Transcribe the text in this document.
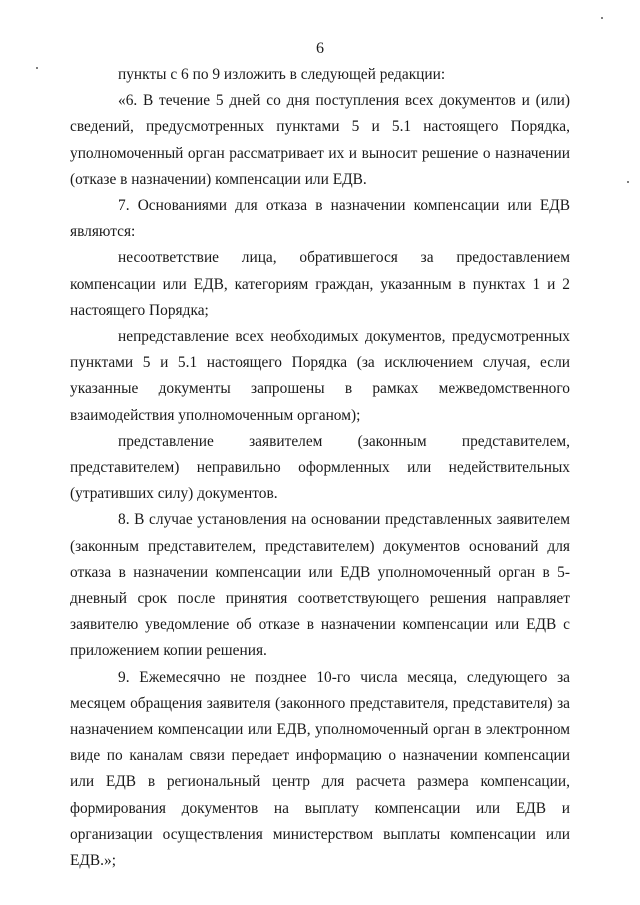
6

пункты с 6 по 9 изложить в следующей редакции:

«6. В течение 5 дней со дня поступления всех документов и (или) сведений, предусмотренных пунктами 5 и 5.1 настоящего Порядка, уполномоченный орган рассматривает их и выносит решение о назначении (отказе в назначении) компенсации или ЕДВ.

7. Основаниями для отказа в назначении компенсации или ЕДВ являются:

несоответствие лица, обратившегося за предоставлением компенсации или ЕДВ, категориям граждан, указанным в пунктах 1 и 2 настоящего Порядка;

непредставление всех необходимых документов, предусмотренных пунктами 5 и 5.1 настоящего Порядка (за исключением случая, если указанные документы запрошены в рамках межведомственного взаимодействия уполномоченным органом);

представление заявителем (законным представителем, представителем) неправильно оформленных или недействительных (утративших силу) документов.

8. В случае установления на основании представленных заявителем (законным представителем, представителем) документов оснований для отказа в назначении компенсации или ЕДВ уполномоченный орган в 5-дневный срок после принятия соответствующего решения направляет заявителю уведомление об отказе в назначении компенсации или ЕДВ с приложением копии решения.

9. Ежемесячно не позднее 10-го числа месяца, следующего за месяцем обращения заявителя (законного представителя, представителя) за назначением компенсации или ЕДВ, уполномоченный орган в электронном виде по каналам связи передает информацию о назначении компенсации или ЕДВ в региональный центр для расчета размера компенсации, формирования документов на выплату компенсации или ЕДВ и организации осуществления министерством выплаты компенсации или ЕДВ.»;
